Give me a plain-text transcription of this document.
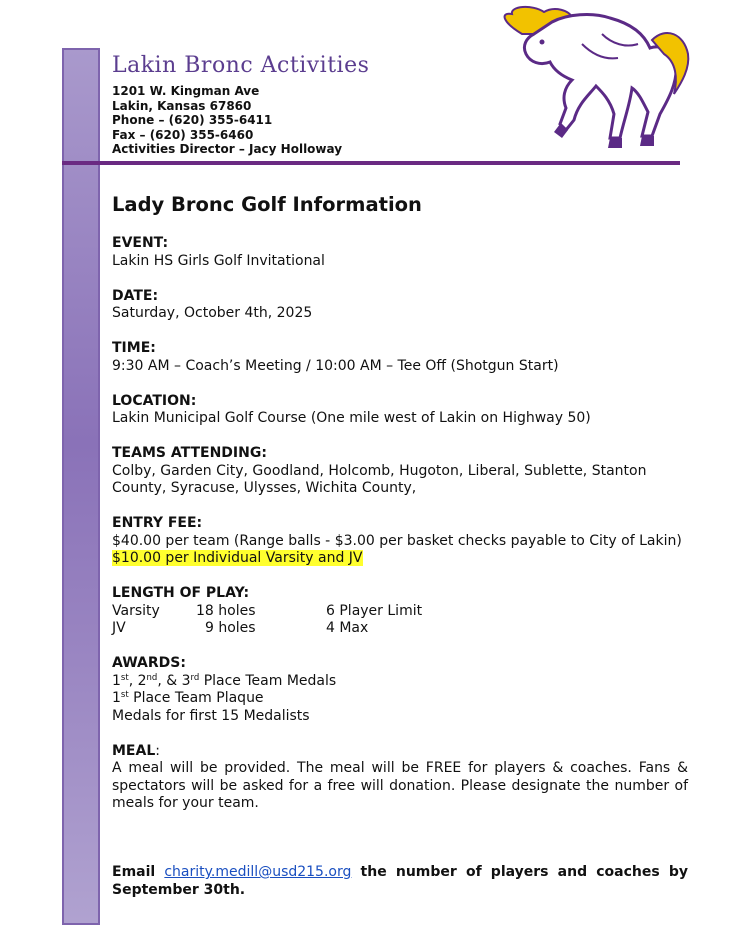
Lakin Bronc Activities
1201 W. Kingman Ave
Lakin, Kansas 67860
Phone – (620) 355-6411
Fax – (620) 355-6460
Activities Director – Jacy Holloway
Lady Bronc Golf Information
EVENT:
Lakin HS Girls Golf Invitational
DATE:
Saturday, October 4th, 2025
TIME:
9:30 AM – Coach’s Meeting / 10:00 AM – Tee Off (Shotgun Start)
LOCATION:
Lakin Municipal Golf Course (One mile west of Lakin on Highway 50)
TEAMS ATTENDING:
Colby, Garden City, Goodland, Holcomb, Hugoton, Liberal, Sublette, Stanton County, Syracuse, Ulysses, Wichita County,
ENTRY FEE:
$40.00 per team (Range balls - $3.00 per basket checks payable to City of Lakin)
$10.00 per Individual Varsity and JV
LENGTH OF PLAY:
Varsity	18 holes	6 Player Limit
JV	9 holes	4 Max
AWARDS:
1st, 2nd, & 3rd Place Team Medals
1st Place Team Plaque
Medals for first 15 Medalists
MEAL:
A meal will be provided. The meal will be FREE for players & coaches. Fans & spectators will be asked for a free will donation. Please designate the number of meals for your team.
Email charity.medill@usd215.org the number of players and coaches by September 30th.
